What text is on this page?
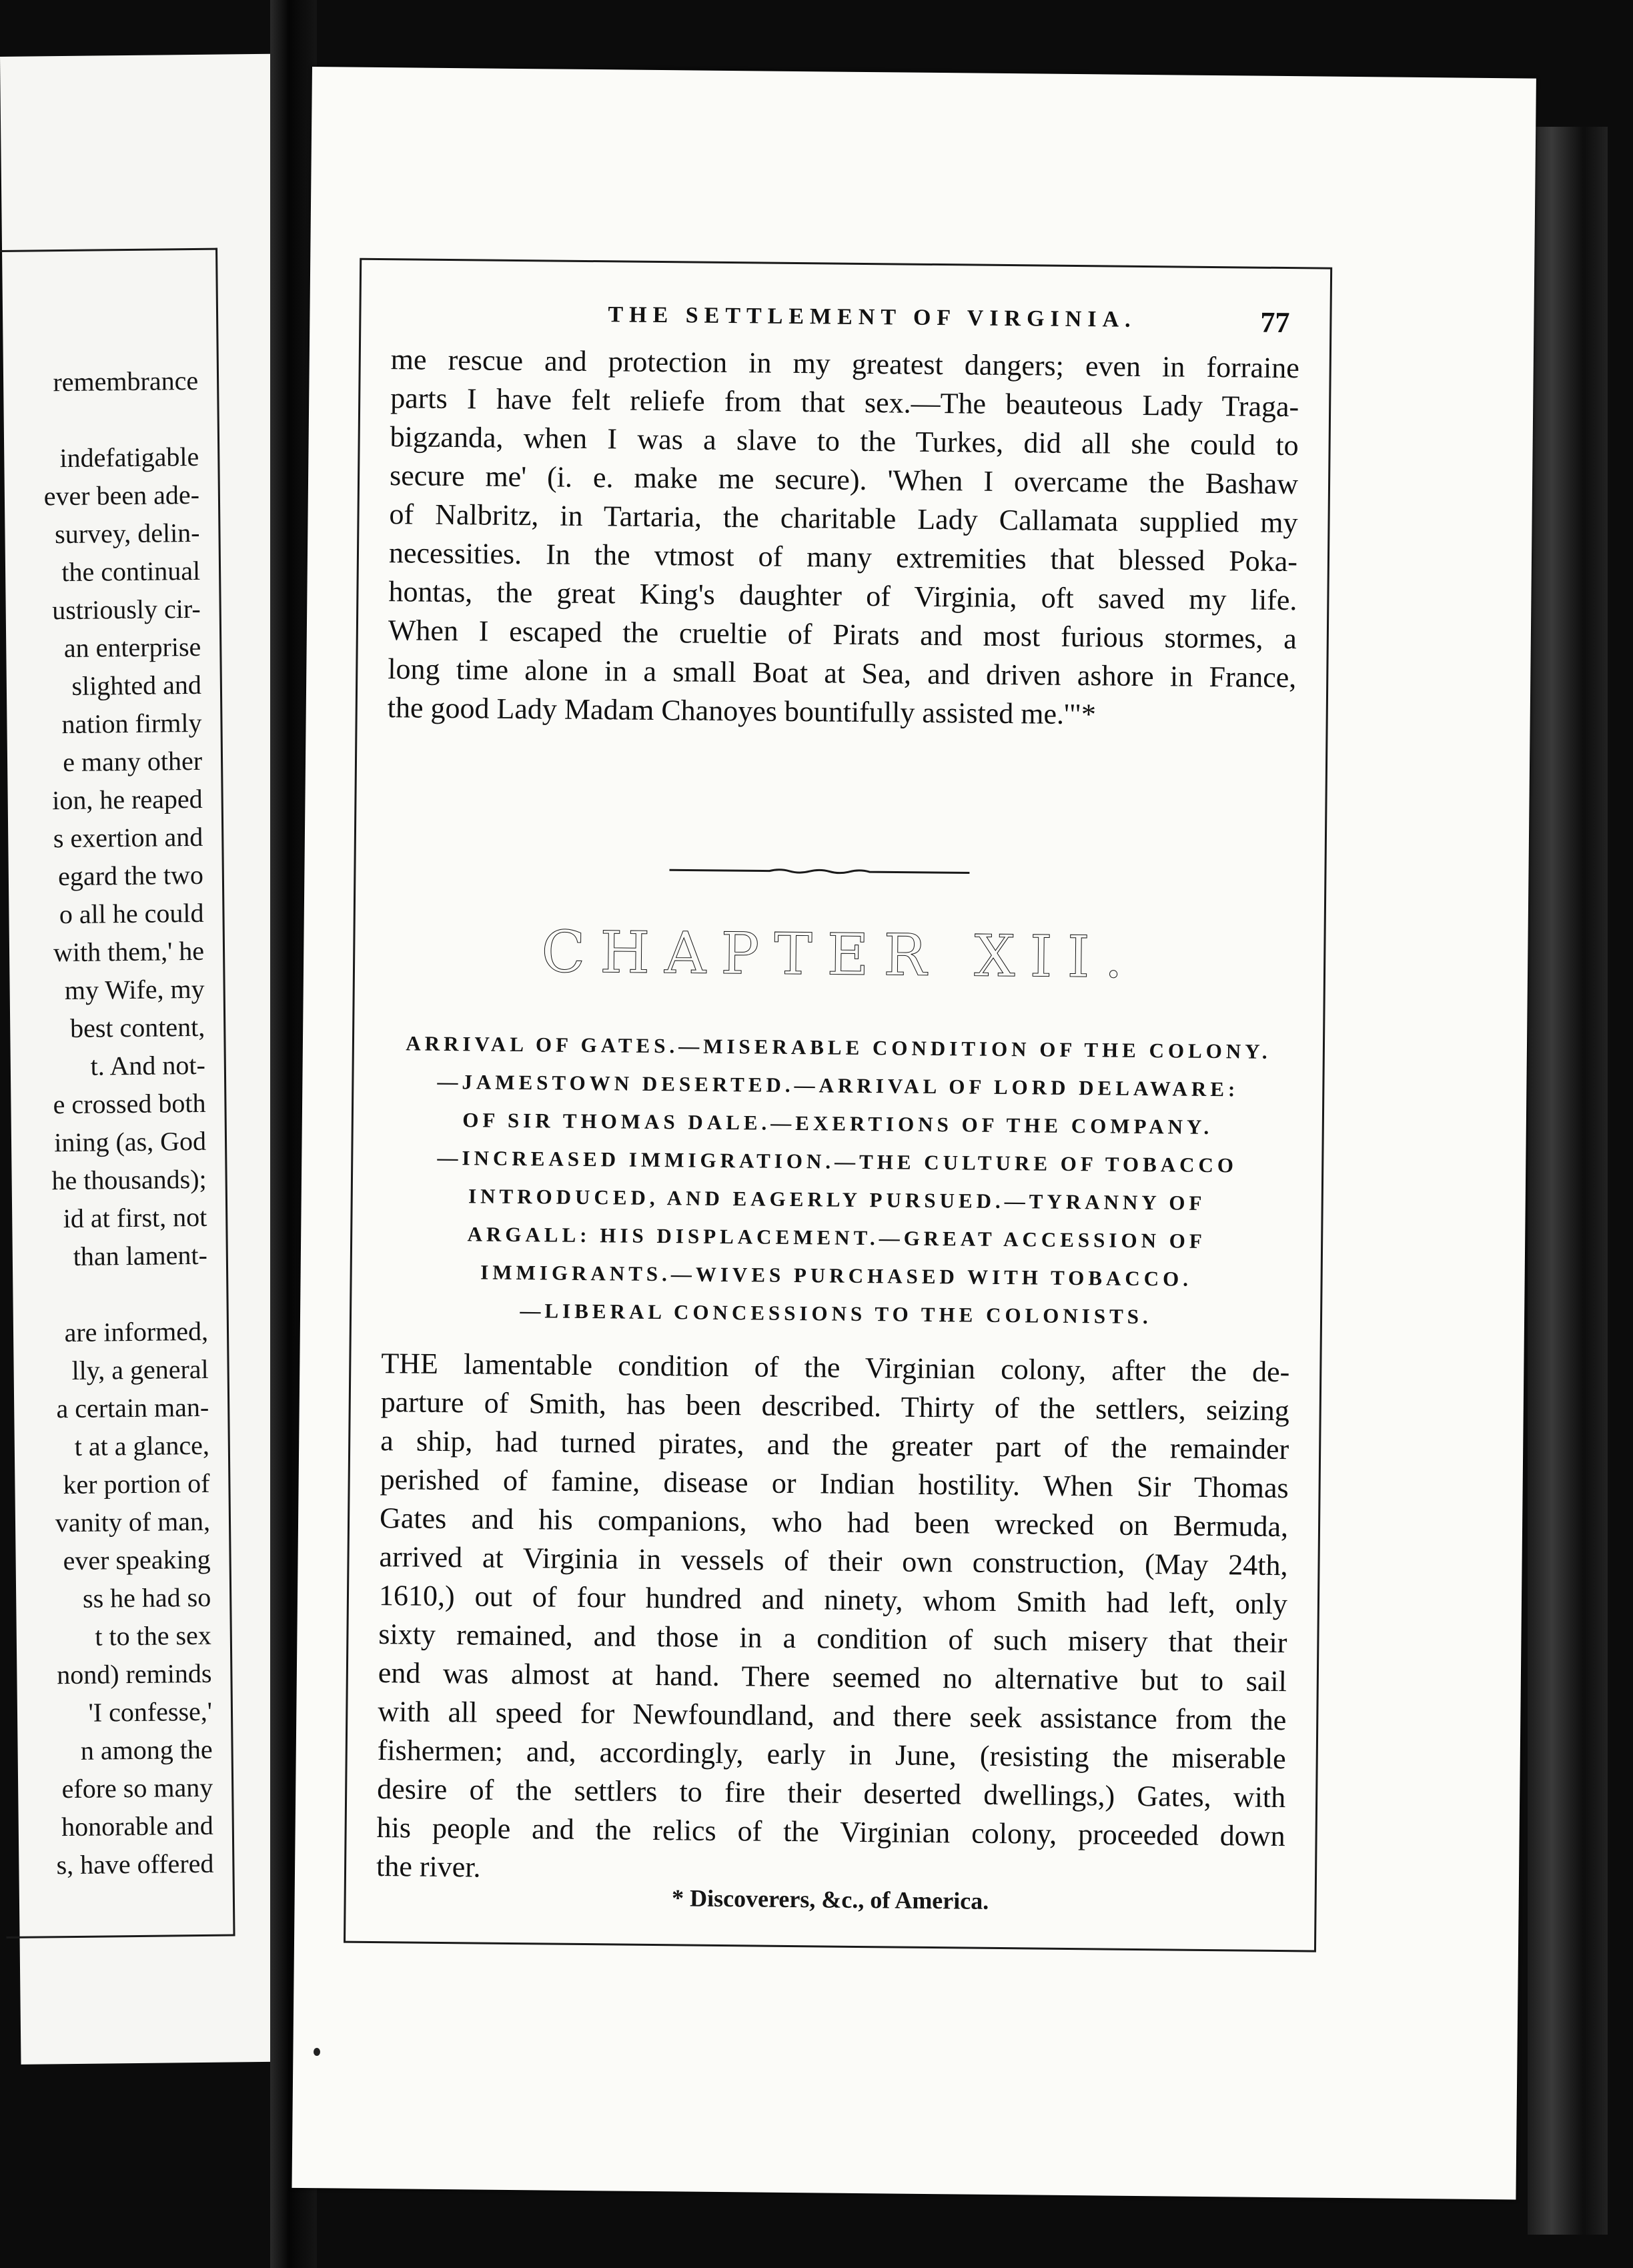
remembrance
indefatigable
ever been ade-
survey, delin-
the continual
ustriously cir-
an enterprise
slighted and
nation firmly
e many other
ion, he reaped
s exertion and
egard the two
o all he could
with them,' he
my Wife, my
best content,
t. And not-
e crossed both
ining (as, God
he thousands);
id at first, not
than lament-
are informed,
lly, a general
a certain man-
t at a glance,
ker portion of
vanity of man,
ever speaking
ss he had so
t to the sex
nond) reminds
'I confesse,'
n among the
efore so many
honorable and
s, have offered
THE SETTLEMENT OF VIRGINIA.	77
me rescue and protection in my greatest dangers; even in forraine
parts I have felt reliefe from that sex.—The beauteous Lady Traga-
bigzanda, when I was a slave to the Turkes, did all she could to
secure me' (i. e. make me secure). 'When I overcame the Bashaw
of Nalbritz, in Tartaria, the charitable Lady Callamata supplied my
necessities. In the vtmost of many extremities that blessed Poka-
hontas, the great King's daughter of Virginia, oft saved my life.
When I escaped the crueltie of Pirats and most furious stormes, a
long time alone in a small Boat at Sea, and driven ashore in France,
the good Lady Madam Chanoyes bountifully assisted me.'"*
CHAPTER XII.
ARRIVAL OF GATES.—MISERABLE CONDITION OF THE COLONY.
—JAMESTOWN DESERTED.—ARRIVAL OF LORD DELAWARE:
OF SIR THOMAS DALE.—EXERTIONS OF THE COMPANY.
—INCREASED IMMIGRATION.—THE CULTURE OF TOBACCO
INTRODUCED, AND EAGERLY PURSUED.—TYRANNY OF
ARGALL: HIS DISPLACEMENT.—GREAT ACCESSION OF
IMMIGRANTS.—WIVES PURCHASED WITH TOBACCO.
—LIBERAL CONCESSIONS TO THE COLONISTS.
THE lamentable condition of the Virginian colony, after the de-
parture of Smith, has been described. Thirty of the settlers, seizing
a ship, had turned pirates, and the greater part of the remainder
perished of famine, disease or Indian hostility. When Sir Thomas
Gates and his companions, who had been wrecked on Bermuda,
arrived at Virginia in vessels of their own construction, (May 24th,
1610,) out of four hundred and ninety, whom Smith had left, only
sixty remained, and those in a condition of such misery that their
end was almost at hand. There seemed no alternative but to sail
with all speed for Newfoundland, and there seek assistance from the
fishermen; and, accordingly, early in June, (resisting the miserable
desire of the settlers to fire their deserted dwellings,) Gates, with
his people and the relics of the Virginian colony, proceeded down
the river.
* Discoverers, &c., of America.
